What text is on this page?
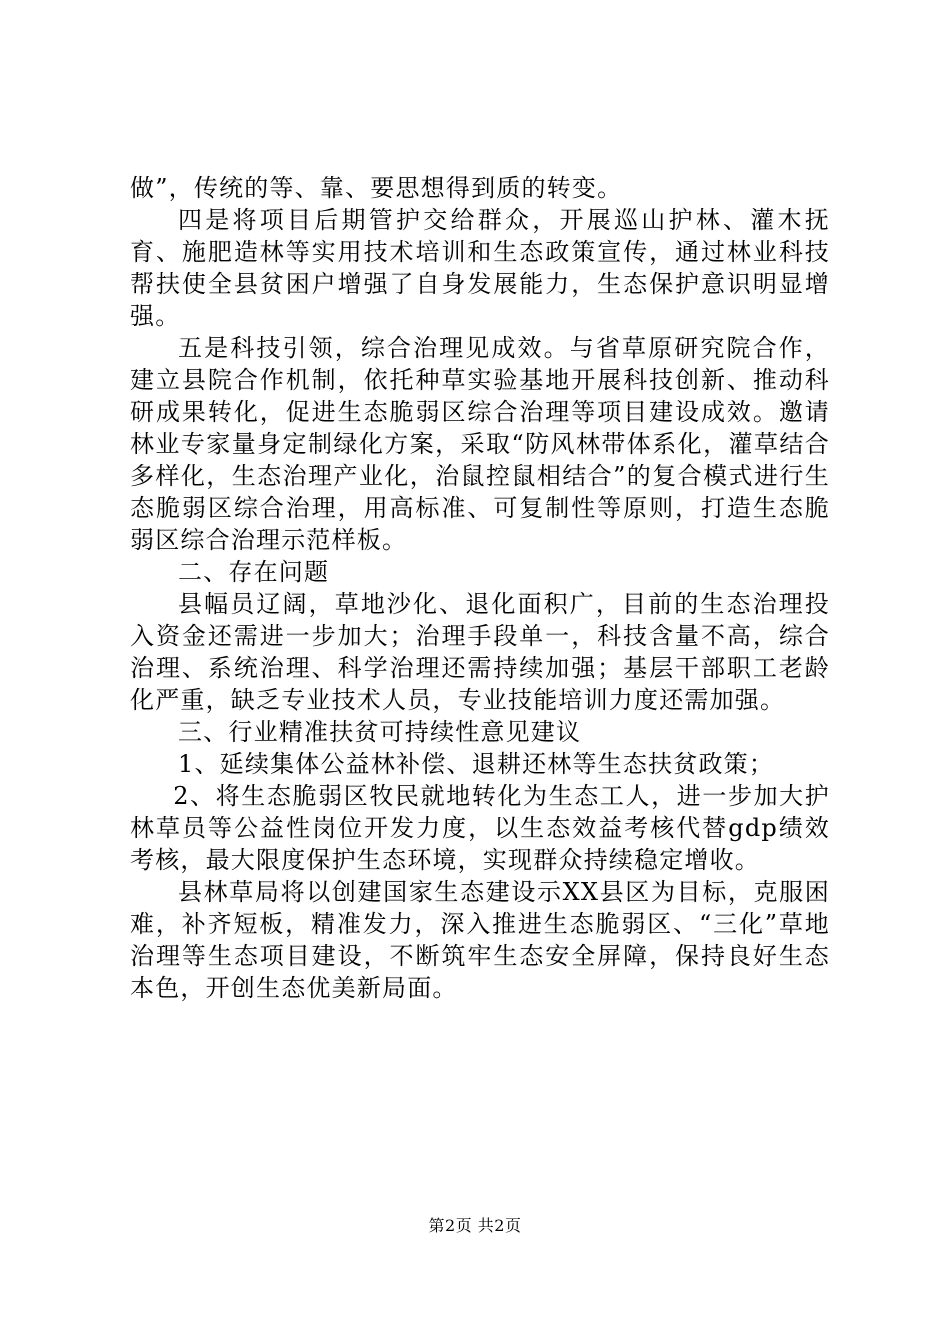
做”，传统的等、靠、要思想得到质的转变。

四是将项目后期管护交给群众，开展巡山护林、灌木抚育、施肥造林等实用技术培训和生态政策宣传，通过林业科技帮扶使全县贫困户增强了自身发展能力，生态保护意识明显增强。

五是科技引领，综合治理见成效。与省草原研究院合作，建立县院合作机制，依托种草实验基地开展科技创新、推动科研成果转化，促进生态脆弱区综合治理等项目建设成效。邀请林业专家量身定制绿化方案，采取“防风林带体系化，灌草结合多样化，生态治理产业化，治鼠控鼠相结合”的复合模式进行生态脆弱区综合治理，用高标准、可复制性等原则，打造生态脆弱区综合治理示范样板。

二、存在问题

县幅员辽阔，草地沙化、退化面积广，目前的生态治理投入资金还需进一步加大；治理手段单一，科技含量不高，综合治理、系统治理、科学治理还需持续加强；基层干部职工老龄化严重，缺乏专业技术人员，专业技能培训力度还需加强。

三、行业精准扶贫可持续性意见建议

1、延续集体公益林补偿、退耕还林等生态扶贫政策；

2、将生态脆弱区牧民就地转化为生态工人，进一步加大护林草员等公益性岗位开发力度，以生态效益考核代替gdp绩效考核，最大限度保护生态环境，实现群众持续稳定增收。

县林草局将以创建国家生态建设示XX县区为目标，克服困难，补齐短板，精准发力，深入推进生态脆弱区、“三化”草地治理等生态项目建设，不断筑牢生态安全屏障，保持良好生态本色，开创生态优美新局面。

第2页 共2页
